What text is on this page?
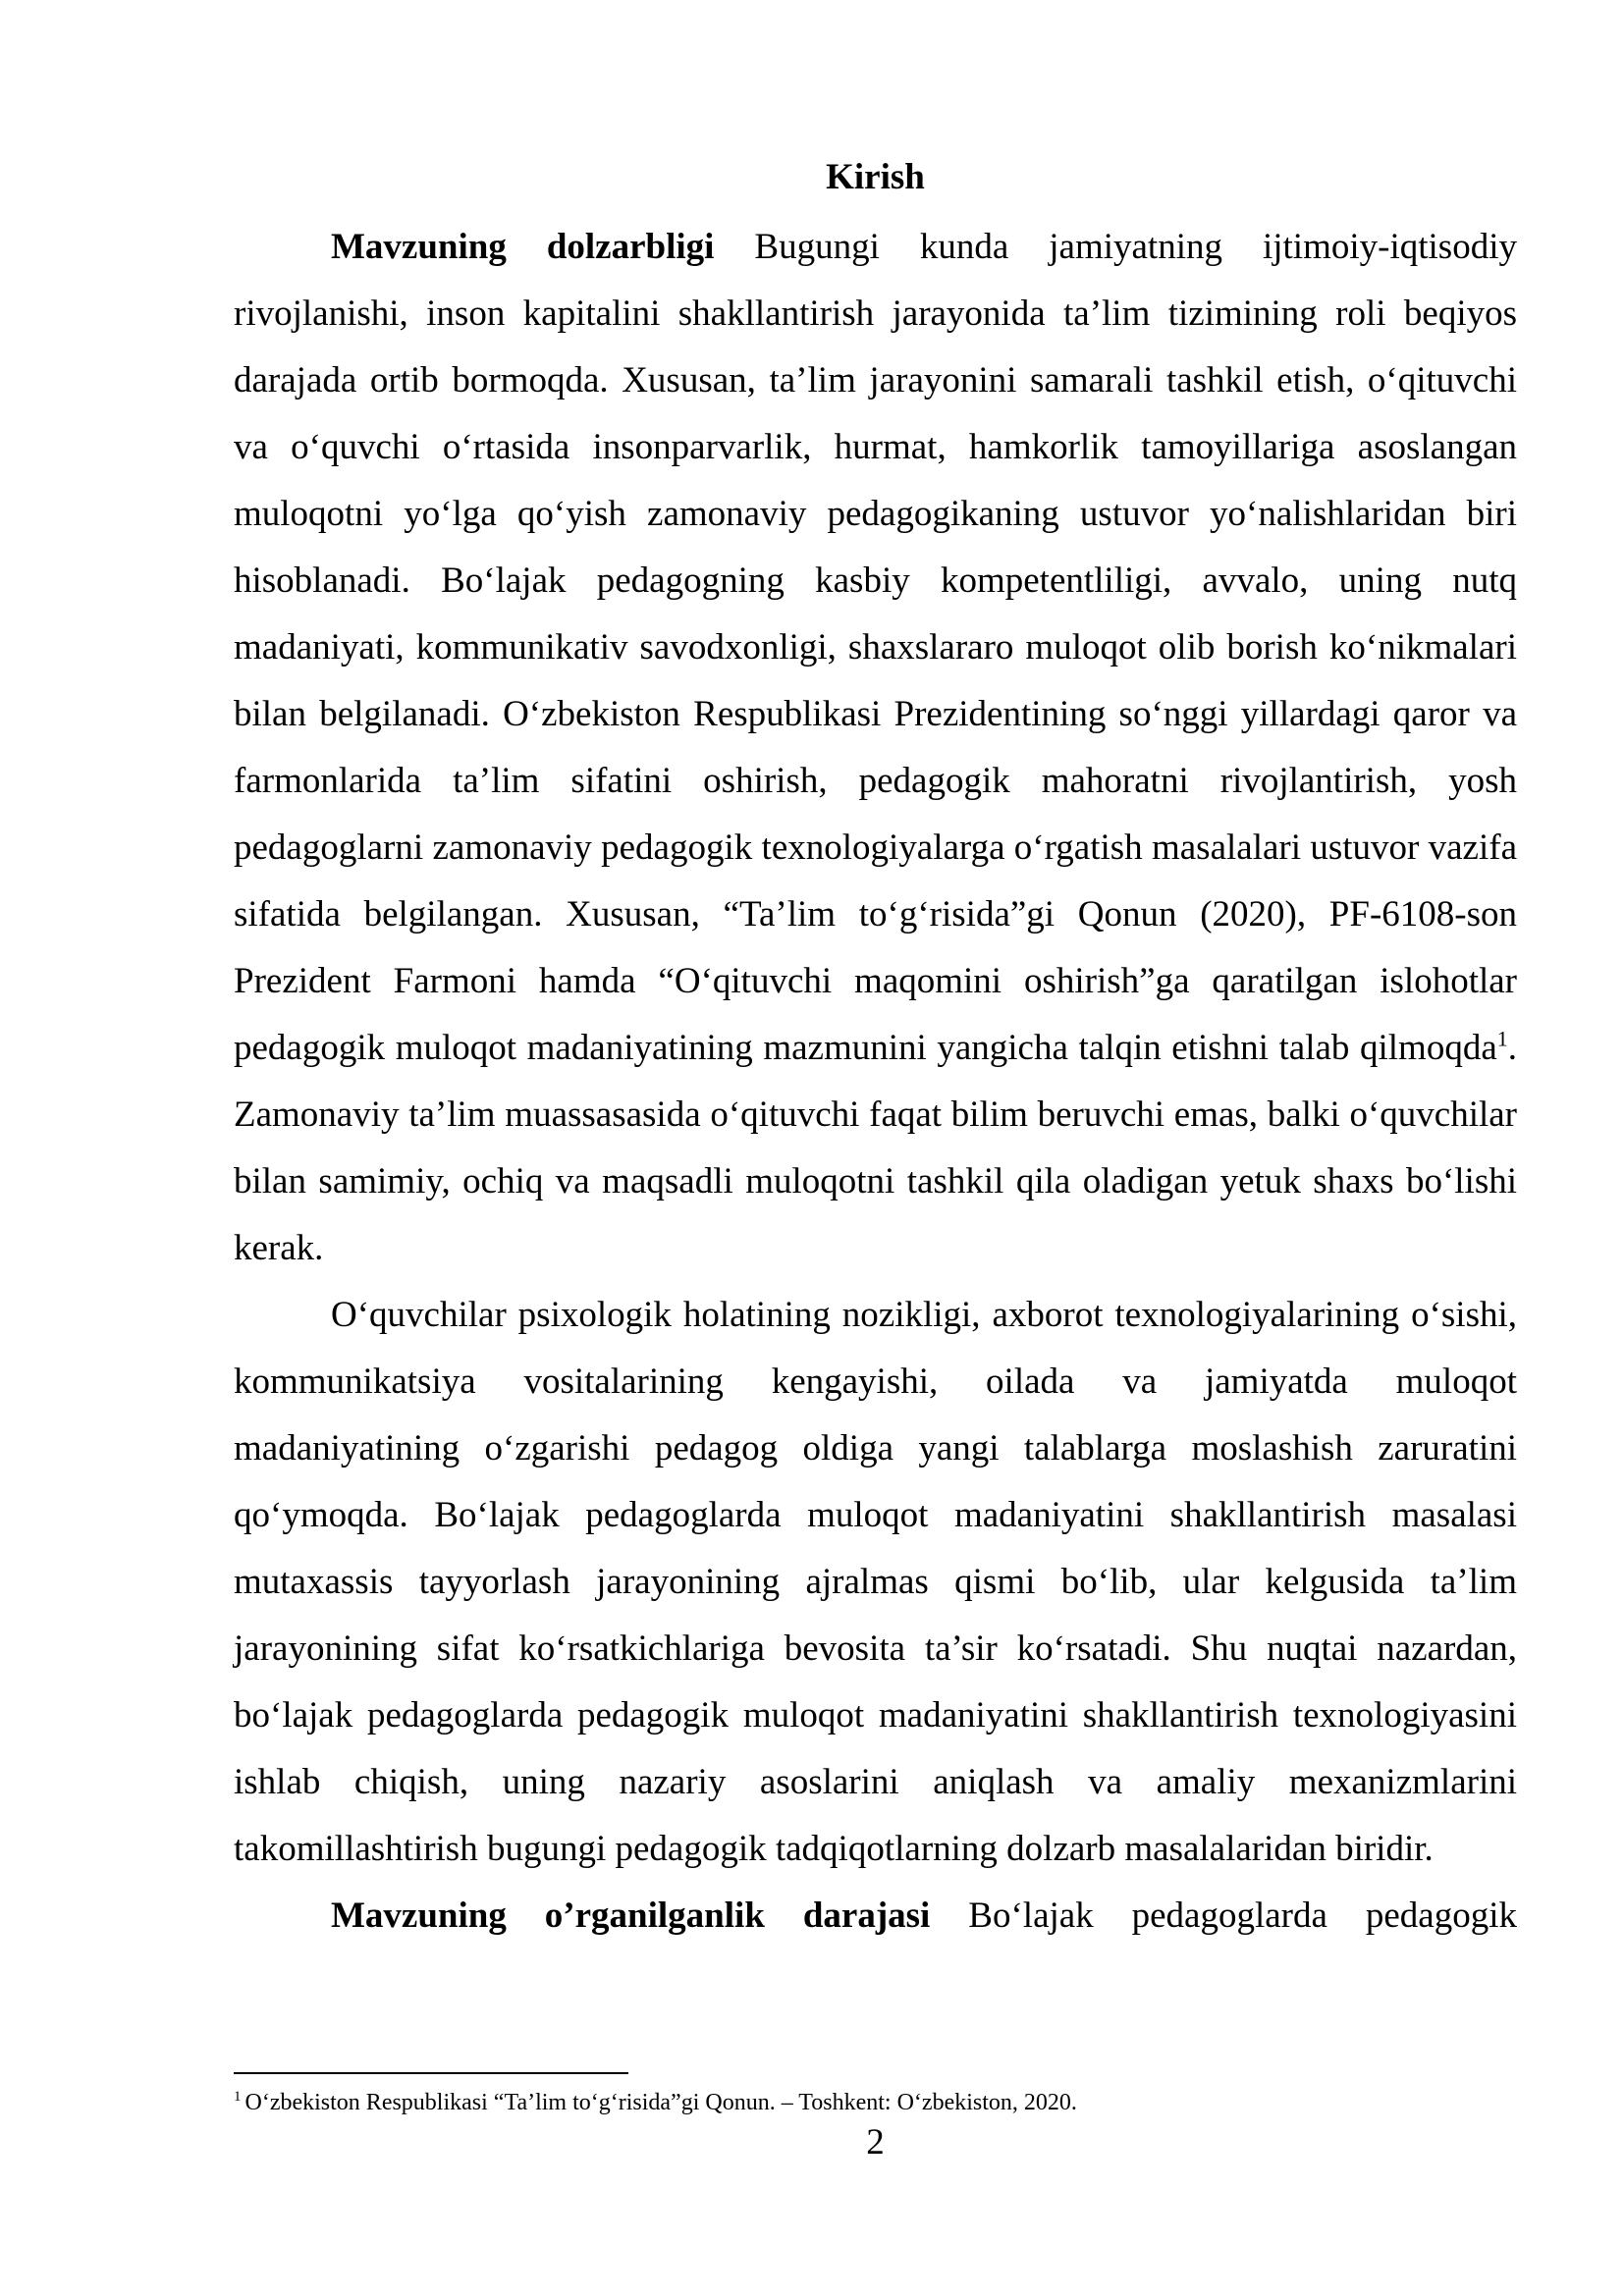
Kirish

Mavzuning dolzarbligi Bugungi kunda jamiyatning ijtimoiy-iqtisodiy rivojlanishi, inson kapitalini shakllantirish jarayonida ta’lim tizimining roli beqiyos darajada ortib bormoqda. Xususan, ta’lim jarayonini samarali tashkil etish, o‘qituvchi va o‘quvchi o‘rtasida insonparvarlik, hurmat, hamkorlik tamoyillariga asoslangan muloqotni yo‘lga qo‘yish zamonaviy pedagogikaning ustuvor yo‘nalishlaridan biri hisoblanadi. Bo‘lajak pedagogning kasbiy kompetentliligi, avvalo, uning nutq madaniyati, kommunikativ savodxonligi, shaxslararo muloqot olib borish ko‘nikmalari bilan belgilanadi. O‘zbekiston Respublikasi Prezidentining so‘nggi yillardagi qaror va farmonlarida ta’lim sifatini oshirish, pedagogik mahoratni rivojlantirish, yosh pedagoglarni zamonaviy pedagogik texnologiyalarga o‘rgatish masalalari ustuvor vazifa sifatida belgilangan. Xususan, “Ta’lim to‘g‘risida”gi Qonun (2020), PF-6108-son Prezident Farmoni hamda “O‘qituvchi maqomini oshirish”ga qaratilgan islohotlar pedagogik muloqot madaniyatining mazmunini yangicha talqin etishni talab qilmoqda$^1$. Zamonaviy ta’lim muassasasida o‘qituvchi faqat bilim beruvchi emas, balki o‘quvchilar bilan samimiy, ochiq va maqsadli muloqotni tashkil qila oladigan yetuk shaxs bo‘lishi kerak.

O‘quvchilar psixologik holatining nozikligi, axborot texnologiyalarining o‘sishi, kommunikatsiya vositalarining kengayishi, oilada va jamiyatda muloqot madaniyatining o‘zgarishi pedagog oldiga yangi talablarga moslashish zaruratini qo‘ymoqda. Bo‘lajak pedagoglarda muloqot madaniyatini shakllantirish masalasi mutaxassis tayyorlash jarayonining ajralmas qismi bo‘lib, ular kelgusida ta’lim jarayonining sifat ko‘rsatkichlariga bevosita ta’sir ko‘rsatadi. Shu nuqtai nazardan, bo‘lajak pedagoglarda pedagogik muloqot madaniyatini shakllantirish texnologiyasini ishlab chiqish, uning nazariy asoslarini aniqlash va amaliy mexanizmlarini takomillashtirish bugungi pedagogik tadqiqotlarning dolzarb masalalaridan biridir.

Mavzuning o’rganilganlik darajasi Bo‘lajak pedagoglarda pedagogik

$^1$ O‘zbekiston Respublikasi “Ta’lim to‘g‘risida”gi Qonun. – Toshkent: O‘zbekiston, 2020.
2
